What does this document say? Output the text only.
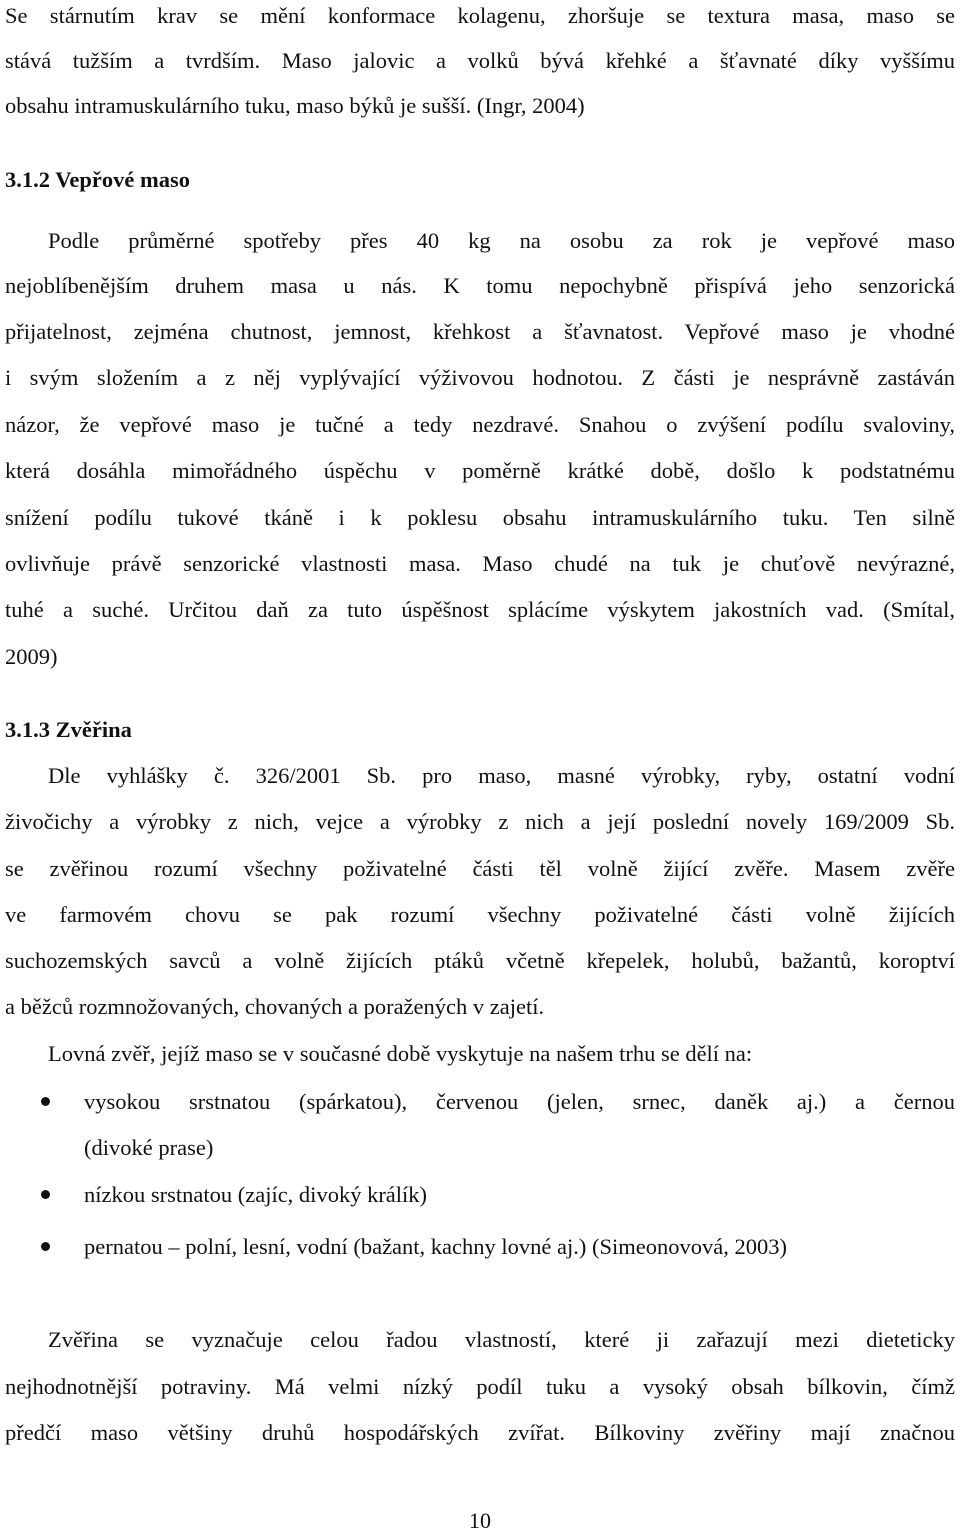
Se stárnutím krav se mění konformace kolagenu, zhoršuje se textura masa, maso se
stává tužším a tvrdším. Maso jalovic a volků bývá křehké a šťavnaté díky vyššímu
obsahu intramuskulárního tuku, maso býků je sušší. (Ingr, 2004)
3.1.2 Vepřové maso
Podle průměrné spotřeby přes 40 kg na osobu za rok je vepřové maso
nejoblíbenějším druhem masa u nás. K tomu nepochybně přispívá jeho senzorická
přijatelnost, zejména chutnost, jemnost, křehkost a šťavnatost. Vepřové maso je vhodné
i svým složením a z něj vyplývající výživovou hodnotou. Z části je nesprávně zastáván
názor, že vepřové maso je tučné a tedy nezdravé. Snahou o zvýšení podílu svaloviny,
která dosáhla mimořádného úspěchu v poměrně krátké době, došlo k podstatnému
snížení podílu tukové tkáně i k poklesu obsahu intramuskulárního tuku. Ten silně
ovlivňuje právě senzorické vlastnosti masa. Maso chudé na tuk je chuťově nevýrazné,
tuhé a suché. Určitou daň za tuto úspěšnost splácíme výskytem jakostních vad. (Smítal,
2009)
3.1.3 Zvěřina
Dle vyhlášky č. 326/2001 Sb. pro maso, masné výrobky, ryby, ostatní vodní
živočichy a výrobky z nich, vejce a výrobky z nich a její poslední novely 169/2009 Sb.
se zvěřinou rozumí všechny poživatelné části těl volně žijící zvěře. Masem zvěře
ve farmovém chovu se pak rozumí všechny poživatelné části volně žijících
suchozemských savců a volně žijících ptáků včetně křepelek, holubů, bažantů, koroptví
a běžců rozmnožovaných, chovaných a poražených v zajetí.
Lovná zvěř, jejíž maso se v současné době vyskytuje na našem trhu se dělí na:
vysokou srstnatou (spárkatou), červenou (jelen, srnec, daněk aj.) a černou
(divoké prase)
nízkou srstnatou (zajíc, divoký králík)
pernatou – polní, lesní, vodní (bažant, kachny lovné aj.) (Simeonovová, 2003)
Zvěřina se vyznačuje celou řadou vlastností, které ji zařazují mezi dieteticky
nejhodnotnější potraviny. Má velmi nízký podíl tuku a vysoký obsah bílkovin, čímž
předčí maso většiny druhů hospodářských zvířat. Bílkoviny zvěřiny mají značnou
10
